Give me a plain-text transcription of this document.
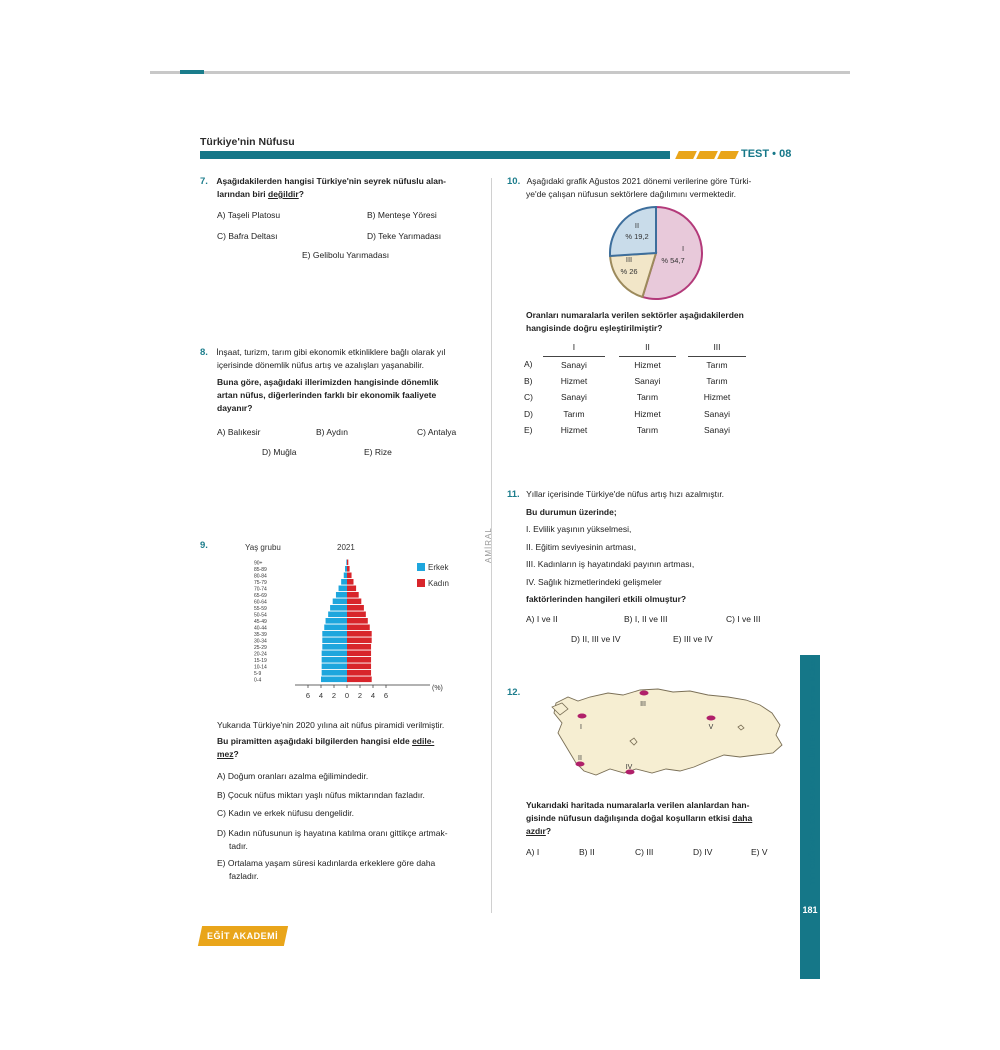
Türkiye'nin Nüfusu
TEST • 08
AMİRAL
7. Aşağıdakilerden hangisi Türkiye'nin seyrek nüfuslu alan-
larından biri değildir?
A) Taşeli Platosu	B) Menteşe Yöresi
C) Bafra Deltası	D) Teke Yarımadası
E) Gelibolu Yarımadası
8. İnşaat, turizm, tarım gibi ekonomik etkinliklere bağlı olarak yıl
içerisinde dönemlik nüfus artış ve azalışları yaşanabilir.
Buna göre, aşağıdaki illerimizden hangisinde dönemlik
artan nüfus, diğerlerinden farklı bir ekonomik faaliyete
dayanır?
A) Balıkesir	B) Aydın	C) Antalya
D) Muğla	E) Rize
9.	Yaş grubu	2021
0-4
5-9
10-14
15-19
20-24
25-29
30-34
35-39
40-44
45-49
50-54
55-59
60-64
65-69
70-74
75-79
80-84
85-89
90+
6 4 2 0 2 4 6
(%)
Erkek
Kadın
Yukarıda Türkiye'nin 2020 yılına ait nüfus piramidi verilmiştir.
Bu piramitten aşağıdaki bilgilerden hangisi elde edile-
mez?
A) Doğum oranları azalma eğilimindedir.
B) Çocuk nüfus miktarı yaşlı nüfus miktarından fazladır.
C) Kadın ve erkek nüfusu dengelidir.
D) Kadın nüfusunun iş hayatına katılma oranı gittikçe artmak-
tadır.
E) Ortalama yaşam süresi kadınlarda erkeklere göre daha
fazladır.
10. Aşağıdaki grafik Ağustos 2021 dönemi verilerine göre Türki-
ye'de çalışan nüfusun sektörlere dağılımını vermektedir.
II
% 19,2
I
% 54,7
III
% 26
Oranları numaralarla verilen sektörler aşağıdakilerden
hangisinde doğru eşleştirilmiştir?
	I		II		III
A)	Sanayi		Hizmet		Tarım
B)	Hizmet		Sanayi		Tarım
C)	Sanayi		Tarım		Hizmet
D)	Tarım		Hizmet		Sanayi
E)	Hizmet		Tarım		Sanayi
11. Yıllar içerisinde Türkiye'de nüfus artış hızı azalmıştır.
Bu durumun üzerinde;
I. Evlilik yaşının yükselmesi,
II. Eğitim seviyesinin artması,
III. Kadınların iş hayatındaki payının artması,
IV. Sağlık hizmetlerindeki gelişmeler
faktörlerinden hangileri etkili olmuştur?
A) I ve II	B) I, II ve III	C) I ve III
D) II, III ve IV	E) III ve IV
12.
I
II
III
IV
V
Yukarıdaki haritada numaralarla verilen alanlardan han-
gisinde nüfusun dağılışında doğal koşulların etkisi daha
azdır?
A) I	B) II	C) III	D) IV	E) V	TYT COĞRAFYA SORU BANKASI • ÜNİTE• ::: Türkiye'nin Nüfusu
181
EĞİT AKADEMİ
